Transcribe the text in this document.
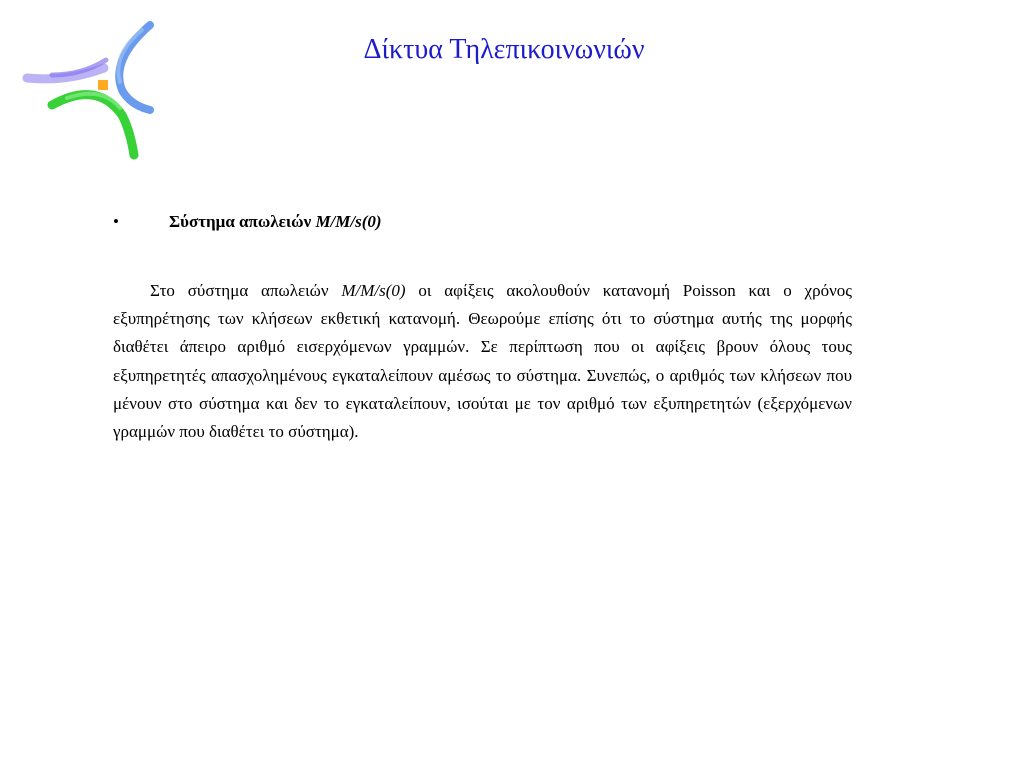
Δίκτυα Τηλεπικοινωνιών
•	Σύστημα απωλειών M/M/s(0)

Στο σύστημα απωλειών M/M/s(0) οι αφίξεις ακολουθούν κατανομή Poisson και ο χρόνος εξυπηρέτησης των κλήσεων εκθετική κατανομή. Θεωρούμε επίσης ότι το σύστημα αυτής της μορφής διαθέτει άπειρο αριθμό εισερχόμενων γραμμών. Σε περίπτωση που οι αφίξεις βρουν όλους τους εξυπηρετητές απασχολημένους εγκαταλείπουν αμέσως το σύστημα. Συνεπώς, ο αριθμός των κλήσεων που μένουν στο σύστημα και δεν το εγκαταλείπουν, ισούται με τον αριθμό των εξυπηρετητών (εξερχόμενων γραμμών που διαθέτει το σύστημα).
